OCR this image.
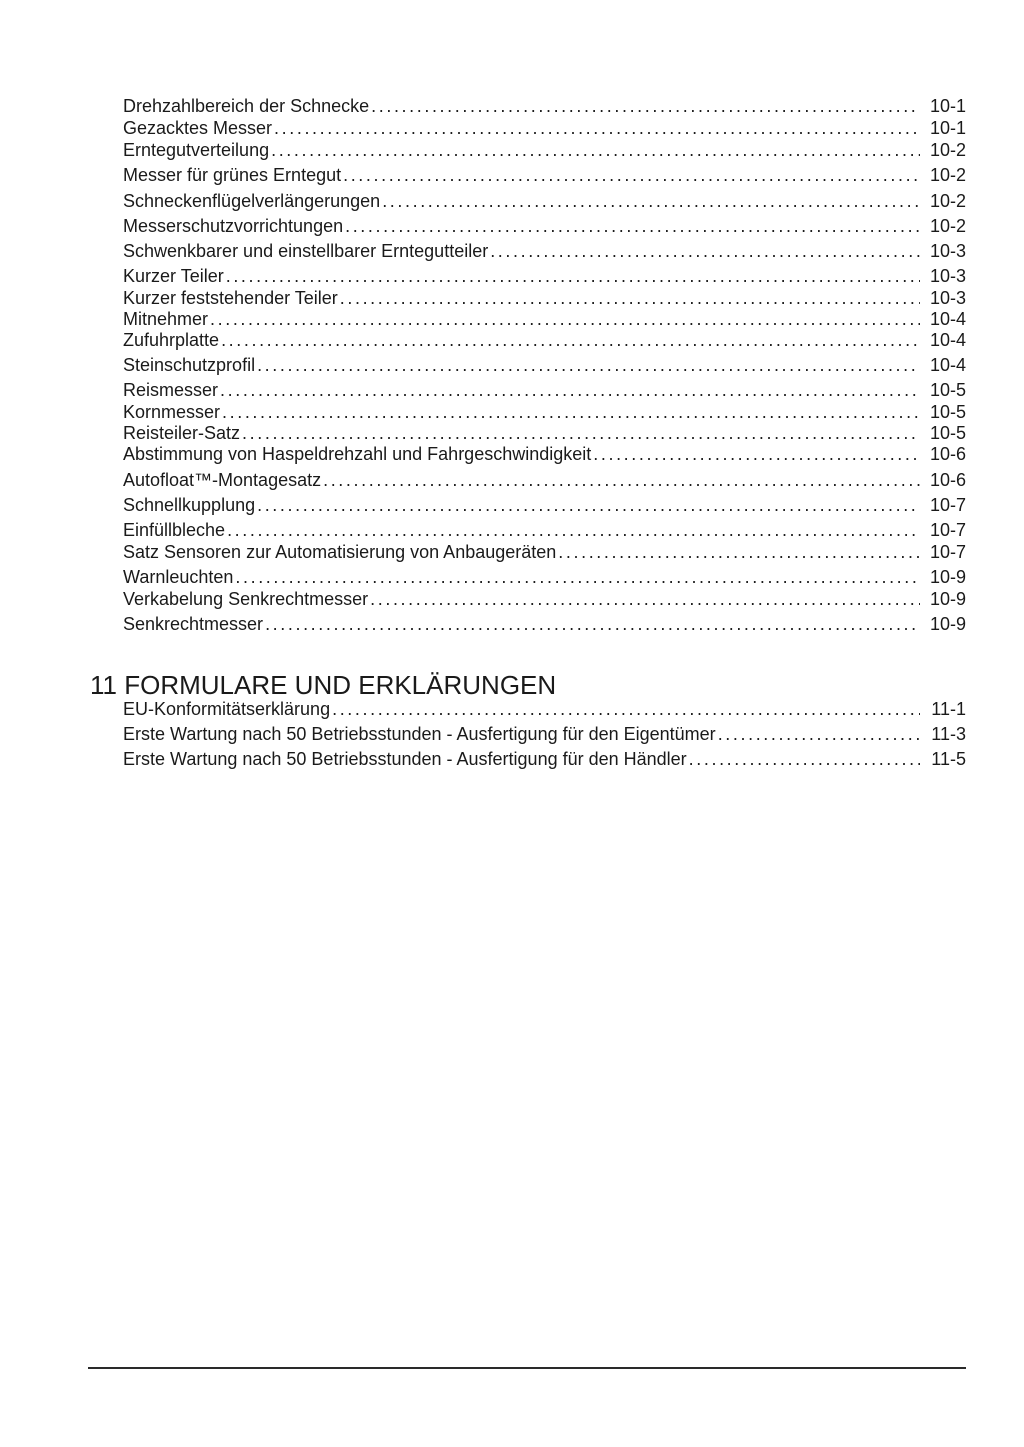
Drehzahlbereich der Schnecke .....	10-1
Gezacktes Messer .....	10-1
Erntegutverteilung .....	10-2
Messer für grünes Erntegut .....	10-2
Schneckenflügelverlängerungen .....	10-2
Messerschutzvorrichtungen .....	10-2
Schwenkbarer und einstellbarer Erntegutteiler .....	10-3
Kurzer Teiler .....	10-3
Kurzer feststehender Teiler .....	10-3
Mitnehmer .....	10-4
Zufuhrplatte .....	10-4
Steinschutzprofil .....	10-4
Reismesser .....	10-5
Kornmesser .....	10-5
Reisteiler-Satz .....	10-5
Abstimmung von Haspeldrehzahl und Fahrgeschwindigkeit .....	10-6
Autofloat™-Montagesatz .....	10-6
Schnellkupplung .....	10-7
Einfüllbleche .....	10-7
Satz Sensoren zur Automatisierung von Anbaugeräten .....	10-7
Warnleuchten .....	10-9
Verkabelung Senkrechtmesser .....	10-9
Senkrechtmesser .....	10-9
11 FORMULARE UND ERKLÄRUNGEN
EU-Konformitätserklärung .....	11-1
Erste Wartung nach 50 Betriebsstunden - Ausfertigung für den Eigentümer .....	11-3
Erste Wartung nach 50 Betriebsstunden - Ausfertigung für den Händler .....	11-5
